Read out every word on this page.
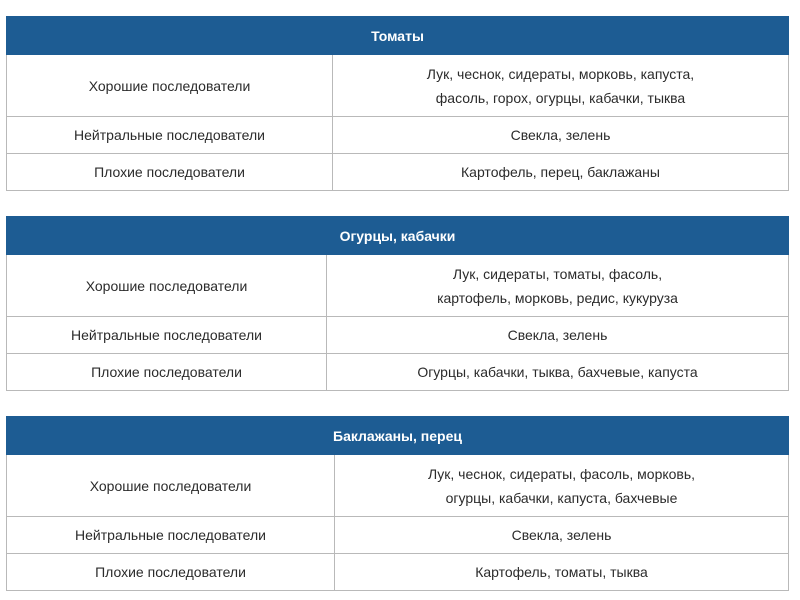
Томаты	
Хорошие последователи	Лук, чеснок, сидераты, морковь, капуста,
фасоль, горох, огурцы, кабачки, тыква

Нейтральные последователи	Свекла, зелень

Плохие последователи	Картофель, перец, баклажаны
Огурцы, кабачки	
Хорошие последователи	Лук, сидераты, томаты, фасоль,
картофель, морковь, редис, кукуруза

Нейтральные последователи	Свекла, зелень

Плохие последователи	Огурцы, кабачки, тыква, бахчевые, капуста
Баклажаны, перец	
Хорошие последователи	Лук, чеснок, сидераты, фасоль, морковь,
огурцы, кабачки, капуста, бахчевые

Нейтральные последователи	Свекла, зелень

Плохие последователи	Картофель, томаты, тыква
